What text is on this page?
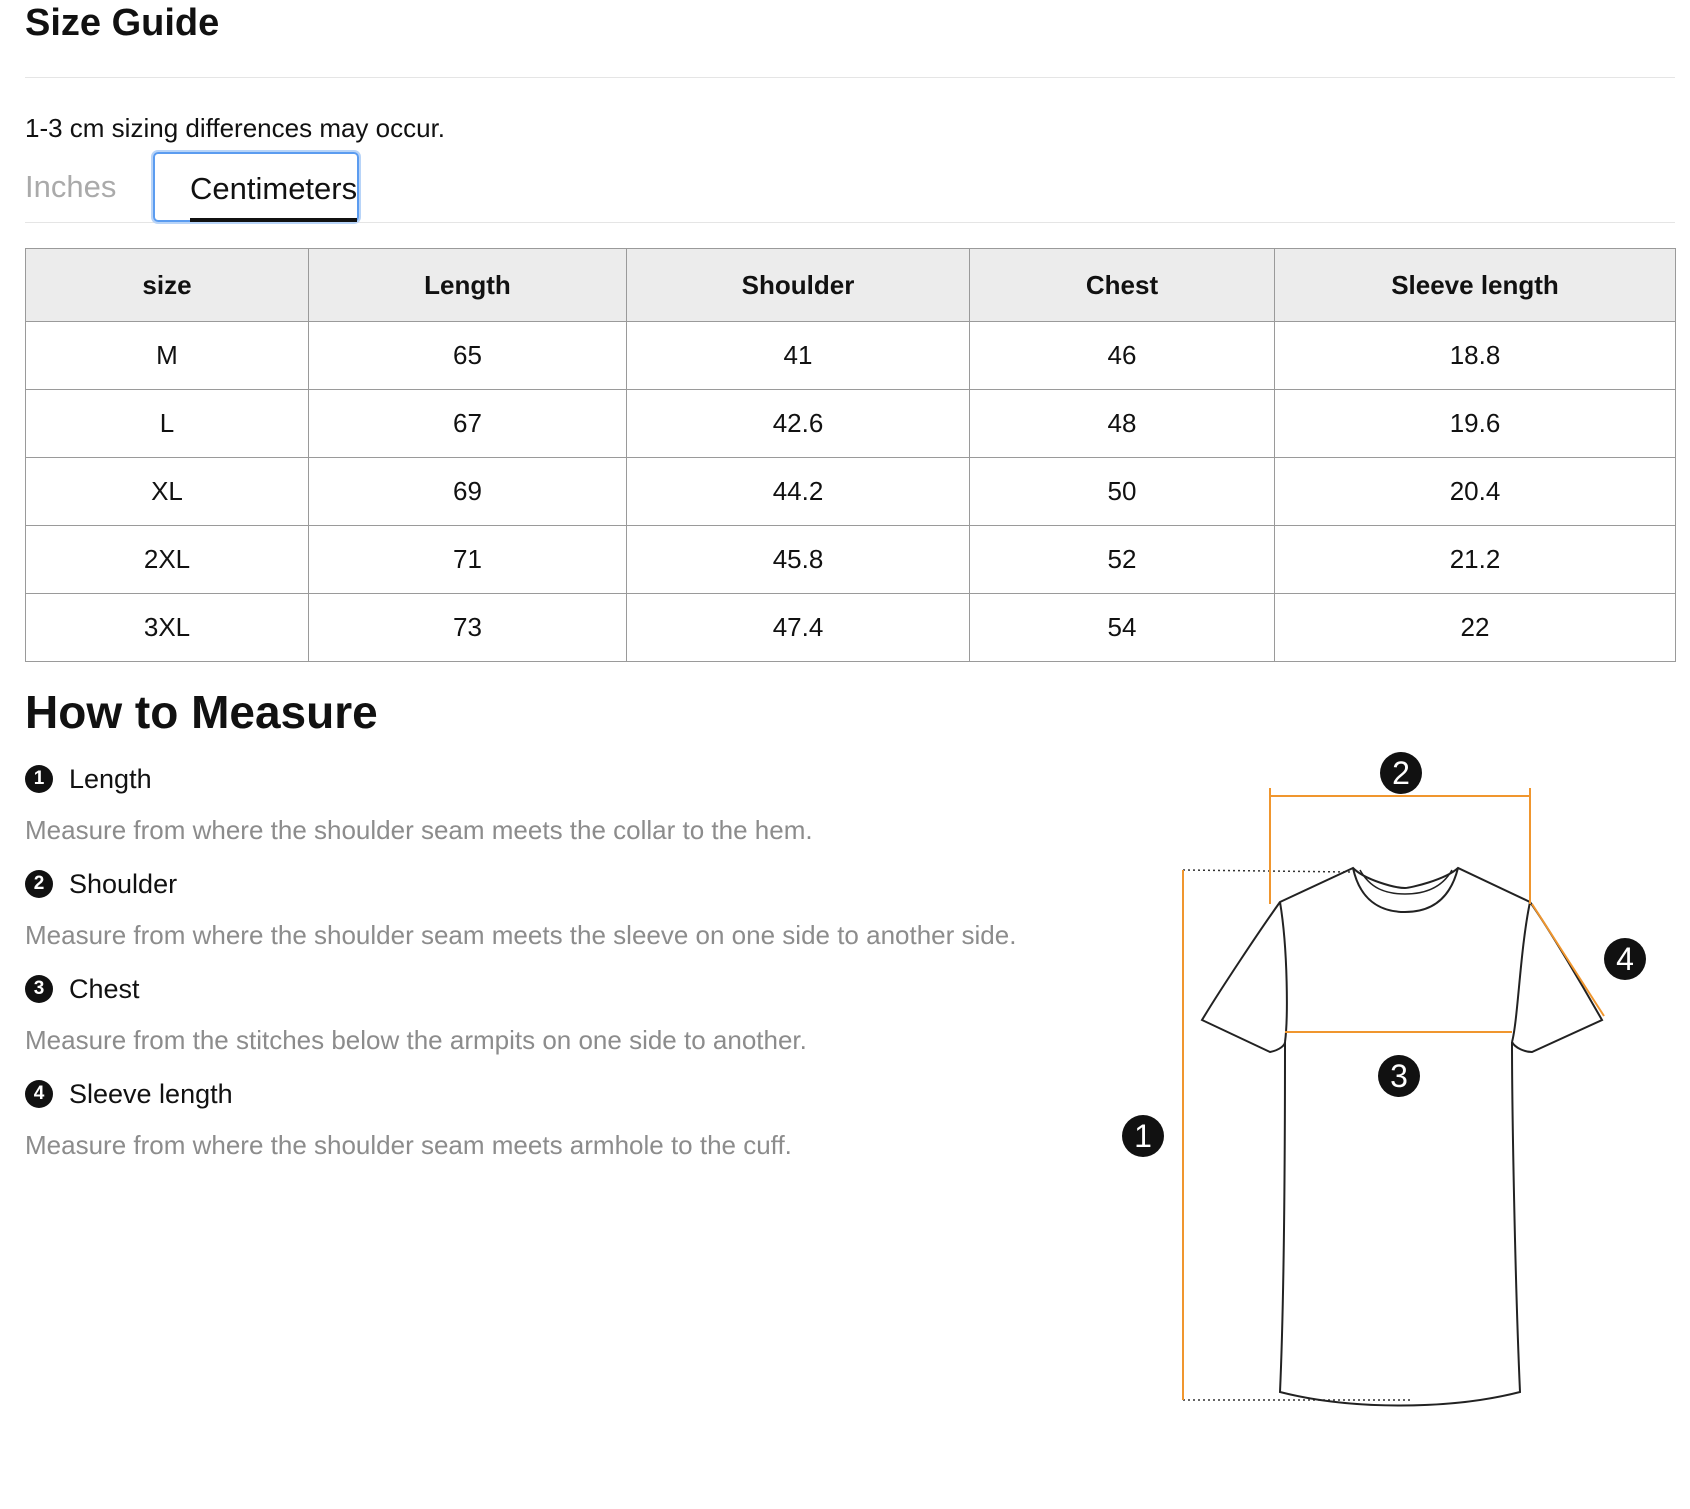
Size Guide
1-3 cm sizing differences may occur.
Inches Centimeters
size	Length	Shoulder	Chest	Sleeve length
M	65	41	46	18.8
L	67	42.6	48	19.6
XL	69	44.2	50	20.4
2XL	71	45.8	52	21.2
3XL	73	47.4	54	22
How to Measure
1 Length
Measure from where the shoulder seam meets the collar to the hem.
2 Shoulder
Measure from where the shoulder seam meets the sleeve on one side to another side.
3 Chest
Measure from the stitches below the armpits on one side to another.
4 Sleeve length
Measure from where the shoulder seam meets armhole to the cuff.
2
4
3
1
